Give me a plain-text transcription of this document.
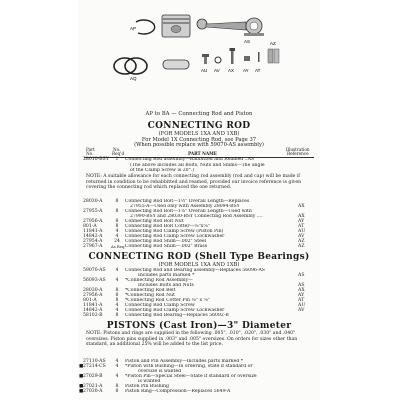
AP
AS
AQ
AU AV AX AY AT
AZ
AP to BA — Connecting Rod and Piston
CONNECTING ROD
(FOR MODELS 1XA AND 1XB)
For Model 1X Connecting Rod, see Page 37
(When possible replace with 59070-AS assembly)
Part
No.
No.
Req'd	PART NAME
Illustration
Reference
28010-BSY	1	Connecting Rod assembly—Babbitted and Reamed ..AS
(The above includes all Bolts, Nuts and Shims—The angle
of the Clamp Screw is 20°.)
NOTE: A suitable allowance for each connecting rod assembly (rod and cap) will be made if returned in condition to be rebabbitted and reamed, provided our invoice reference is given covering the connecting rod which replaced the one returned.
28030-A	8	Connecting Rod Bolt—1½" Overall Length—Replaces
27955-A—Used only with Assembly 28094-BSY	AX
27955-A	8	Connecting Rod Bolt—1⅝" Overall Length—Used with
27990-BSY and 28030-BSY Connecting Rod Assembly ....	AX
27956-A	8	Connecting Rod Bolt Nut	AY
801-A	8	Connecting Rod Bolt Cotter—⅛"x⅝"	AT
11841-A	4	Connecting Rod Clamp Screw (Piston Pin)	AU
14842-A	4	Connecting Rod Clamp Screw Lockwasher	AV
27954-A	24 Connecting Rod Shim—.002" Steel	AZ
27967-A	As Req. Connecting Rod Shim—.002" Brass	AZ
CONNECTING ROD (Shell Type Bearings)
(FOR MODELS 1XA AND 1XB)
59070-AS	4	Connecting Rod and Bearing assembly—Replaces 56096-AS
Includes parts marked *	AS
56093-AS	4	*Connecting Rod Assembly—
Includes Bolts and Nuts	AS
28030-A	8	*Connecting Rod Belt	AX
27956-A	8	*Connecting Rod Nut	AY
801-A	8	*Connecting Rod Cotter Pin ⅛" x ⅝"	AT
11841-A	4	Connecting Rod Clamp Screw	AU
14842-A	4	Connecting Rod Clamp Screw Lockwasher	AV
58102-B	8	Connecting Rod Bearing—Replaces 56092-B
PISTONS (Cast Iron)—3" Diameter
NOTE: Pistons and rings are supplied in the following .005", .010", .020", .030" and .040" oversizes. Piston pins supplied in .003" and .005" oversizes. On orders for sizes other than standard, an additional 25% will be added to the list price.
27110-AS	4	Piston and Pin Assembly—Includes parts marked *
■ 27214-CS	4	*Piston with Bushing—In ordering, state if standard or
oversize is wanted
■ 27029-B	4	*Piston Pin—Special Steel—State if standard or oversize
is wanted
■ 27021-A	8	Piston Pin Bushing
■ 27030-A	8	Piston Ring—Compression—Replaces 5649-A
